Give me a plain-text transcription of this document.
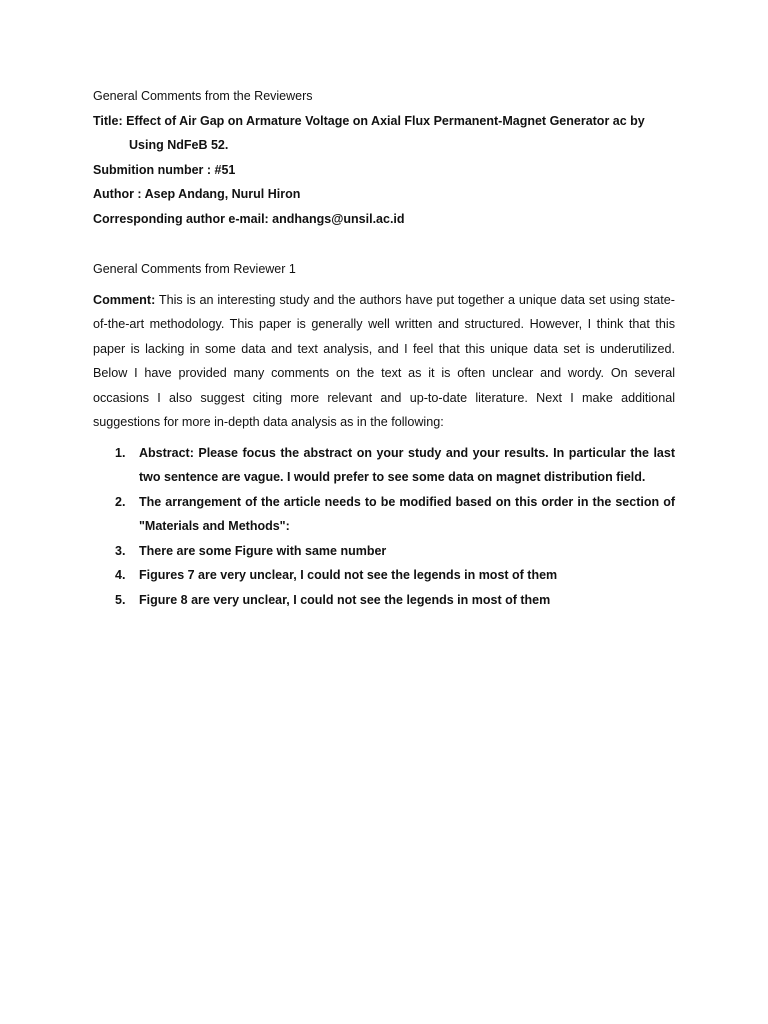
General Comments from the Reviewers

Title: Effect of Air Gap on Armature Voltage on Axial Flux Permanent-Magnet Generator ac by Using NdFeB 52.

Submition number : #51

Author : Asep Andang, Nurul Hiron

Corresponding author e-mail: andhangs@unsil.ac.id

General Comments from Reviewer 1

Comment: This is an interesting study and the authors have put together a unique data set using state-of-the-art methodology. This paper is generally well written and structured. However, I think that this paper is lacking in some data and text analysis, and I feel that this unique data set is underutilized. Below I have provided many comments on the text as it is often unclear and wordy. On several occasions I also suggest citing more relevant and up-to-date literature. Next I make additional suggestions for more in-depth data analysis as in the following:

1. Abstract: Please focus the abstract on your study and your results. In particular the last two sentence are vague. I would prefer to see some data on magnet distribution field.
2. The arrangement of the article needs to be modified based on this order in the section of "Materials and Methods":
3. There are some Figure with same number
4. Figures 7 are very unclear, I could not see the legends in most of them
5. Figure 8 are very unclear, I could not see the legends in most of them
